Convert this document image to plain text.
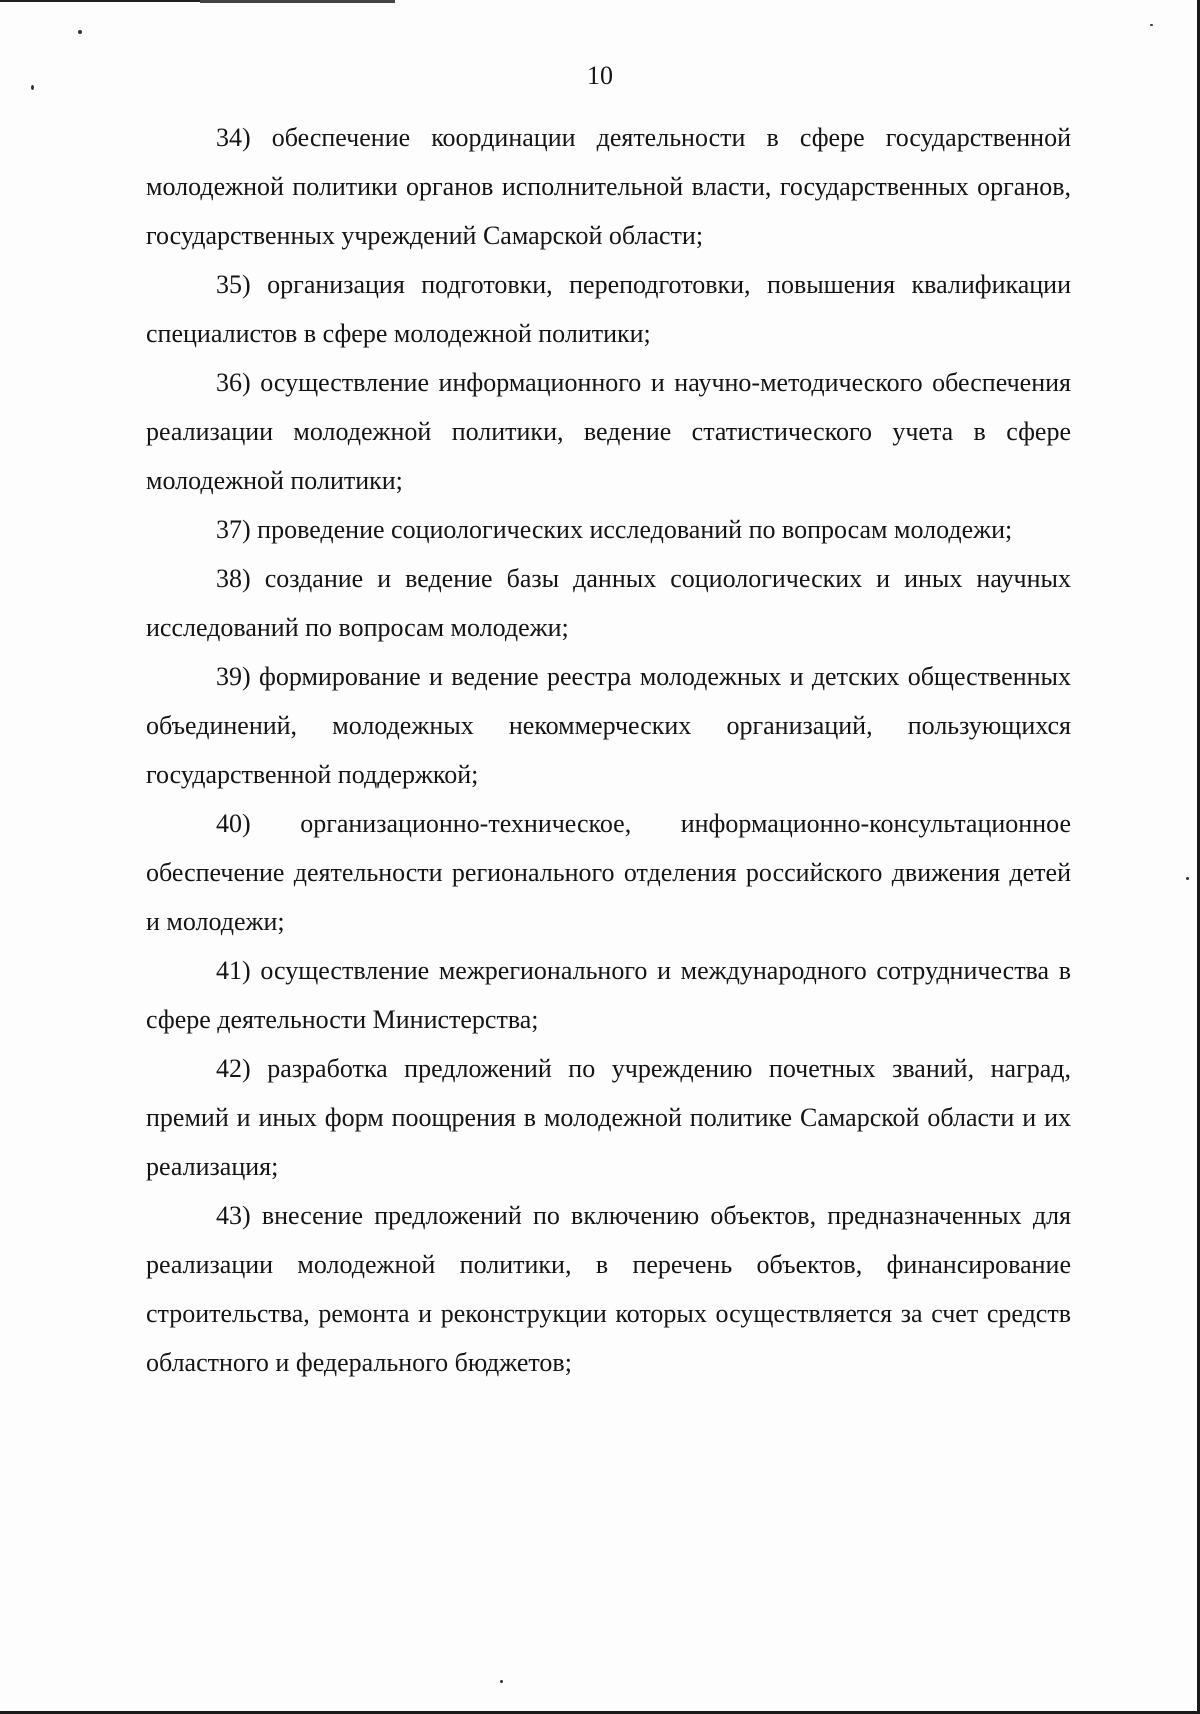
10

34) обеспечение координации деятельности в сфере государственной молодежной политики органов исполнительной власти, государственных органов, государственных учреждений Самарской области;

35) организация подготовки, переподготовки, повышения квалификации специалистов в сфере молодежной политики;

36) осуществление информационного и научно-методического обеспечения реализации молодежной политики, ведение статистического учета в сфере молодежной политики;

37) проведение социологических исследований по вопросам молодежи;

38) создание и ведение базы данных социологических и иных научных исследований по вопросам молодежи;

39) формирование и ведение реестра молодежных и детских общественных объединений, молодежных некоммерческих организаций, пользующихся государственной поддержкой;

40) организационно-техническое, информационно-консультационное обеспечение деятельности регионального отделения российского движения детей и молодежи;

41) осуществление межрегионального и международного сотрудничества в сфере деятельности Министерства;

42) разработка предложений по учреждению почетных званий, наград, премий и иных форм поощрения в молодежной политике Самарской области и их реализация;

43) внесение предложений по включению объектов, предназначенных для реализации молодежной политики, в перечень объектов, финансирование строительства, ремонта и реконструкции которых осуществляется за счет средств областного и федерального бюджетов;
